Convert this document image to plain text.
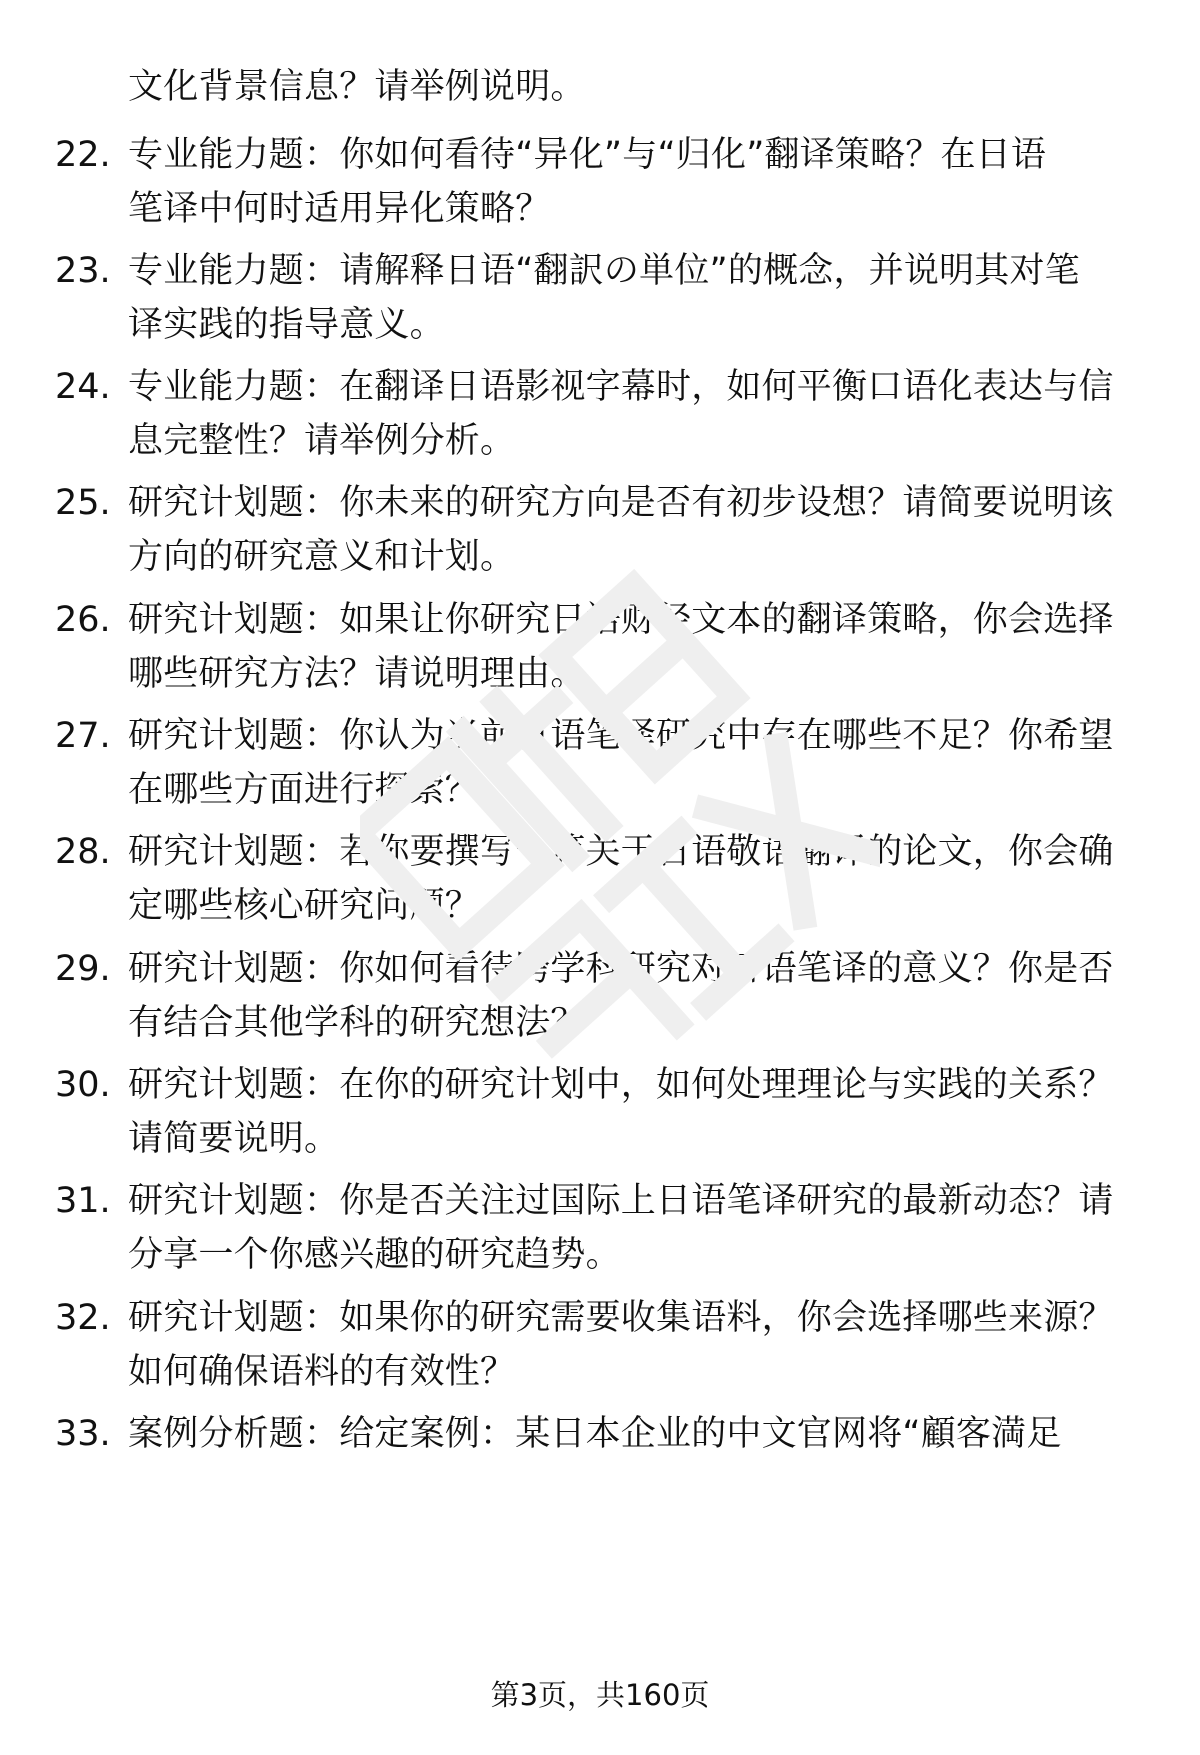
文化背景信息？请举例说明。
22. 专业能力题：你如何看待“异化”与“归化”翻译策略？在日语
笔译中何时适用异化策略？
23. 专业能力题：请解释日语“翻訳の単位”的概念，并说明其对笔
译实践的指导意义。
24. 专业能力题：在翻译日语影视字幕时，如何平衡口语化表达与信
息完整性？请举例分析。
25. 研究计划题：你未来的研究方向是否有初步设想？请简要说明该
方向的研究意义和计划。
26. 研究计划题：如果让你研究日语财经文本的翻译策略，你会选择
哪些研究方法？请说明理由。
27. 研究计划题：你认为当前日语笔译研究中存在哪些不足？你希望
在哪些方面进行探索？
28. 研究计划题：若你要撰写一篇关于日语敬语翻译的论文，你会确
定哪些核心研究问题？
29. 研究计划题：你如何看待跨学科研究对日语笔译的意义？你是否
有结合其他学科的研究想法？
30. 研究计划题：在你的研究计划中，如何处理理论与实践的关系？
请简要说明。
31. 研究计划题：你是否关注过国际上日语笔译研究的最新动态？请
分享一个你感兴趣的研究趋势。
32. 研究计划题：如果你的研究需要收集语料，你会选择哪些来源？
如何确保语料的有效性？
33. 案例分析题：给定案例：某日本企业的中文官网将“顧客満足
第3页，共160页
